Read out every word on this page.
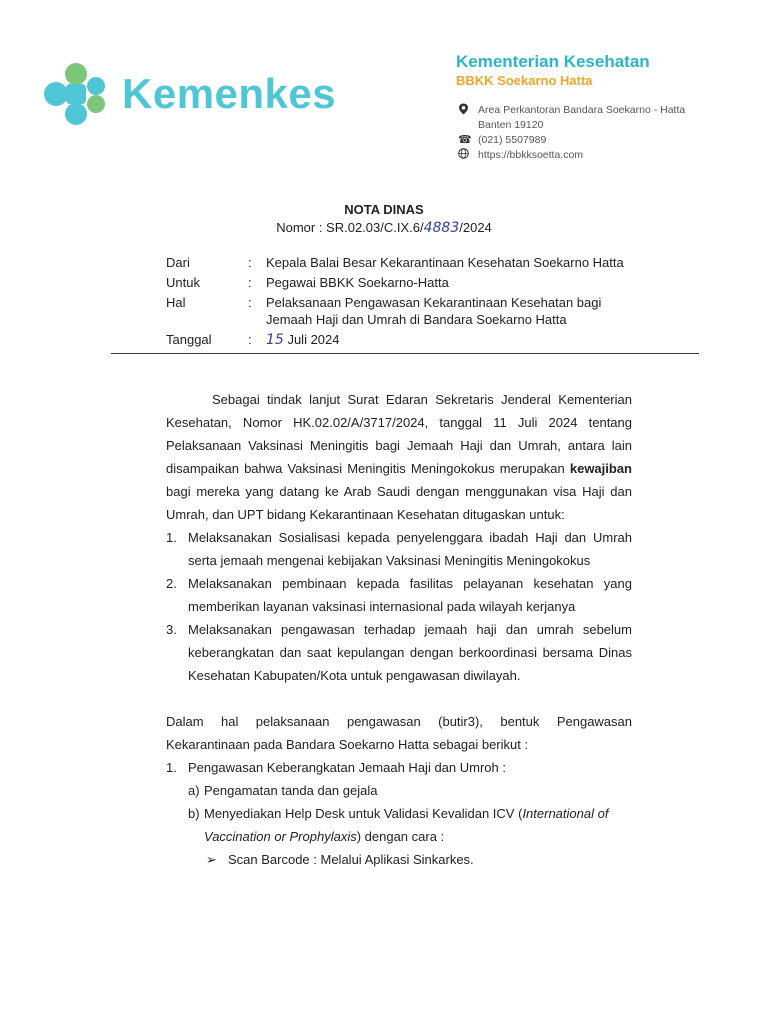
Kemenkes
Kementerian Kesehatan
BBKK Soekarno Hatta
Area Perkantoran Bandara Soekarno - Hatta
Banten 19120
☎ (021) 5507989
https://bbkksoetta.com
NOTA DINAS
Nomor : SR.02.03/C.IX.6/4883/2024
Dari	:	Kepala Balai Besar Kekarantinaan Kesehatan Soekarno Hatta
Untuk	:	Pegawai BBKK Soekarno-Hatta
Hal	:	Pelaksanaan Pengawasan Kekarantinaan Kesehatan bagi
Jemaah Haji dan Umrah di Bandara Soekarno Hatta
Tanggal	:	15 Juli 2024
Sebagai tindak lanjut Surat Edaran Sekretaris Jenderal Kementerian Kesehatan, Nomor HK.02.02/A/3717/2024, tanggal 11 Juli 2024 tentang Pelaksanaan Vaksinasi Meningitis bagi Jemaah Haji dan Umrah, antara lain disampaikan bahwa Vaksinasi Meningitis Meningokokus merupakan kewajiban bagi mereka yang datang ke Arab Saudi dengan menggunakan visa Haji dan Umrah, dan UPT bidang Kekarantinaan Kesehatan ditugaskan untuk:
1. Melaksanakan Sosialisasi kepada penyelenggara ibadah Haji dan Umrah serta jemaah mengenai kebijakan Vaksinasi Meningitis Meningokokus
2. Melaksanakan pembinaan kepada fasilitas pelayanan kesehatan yang memberikan layanan vaksinasi internasional pada wilayah kerjanya
3. Melaksanakan pengawasan terhadap jemaah haji dan umrah sebelum keberangkatan dan saat kepulangan dengan berkoordinasi bersama Dinas Kesehatan Kabupaten/Kota untuk pengawasan diwilayah.
Dalam hal pelaksanaan pengawasan (butir3), bentuk Pengawasan Kekarantinaan pada Bandara Soekarno Hatta sebagai berikut :
1. Pengawasan Keberangkatan Jemaah Haji dan Umroh :
a) Pengamatan tanda dan gejala
b) Menyediakan Help Desk untuk Validasi Kevalidan ICV (International of Vaccination or Prophylaxis) dengan cara :
➢ Scan Barcode : Melalui Aplikasi Sinkarkes.
